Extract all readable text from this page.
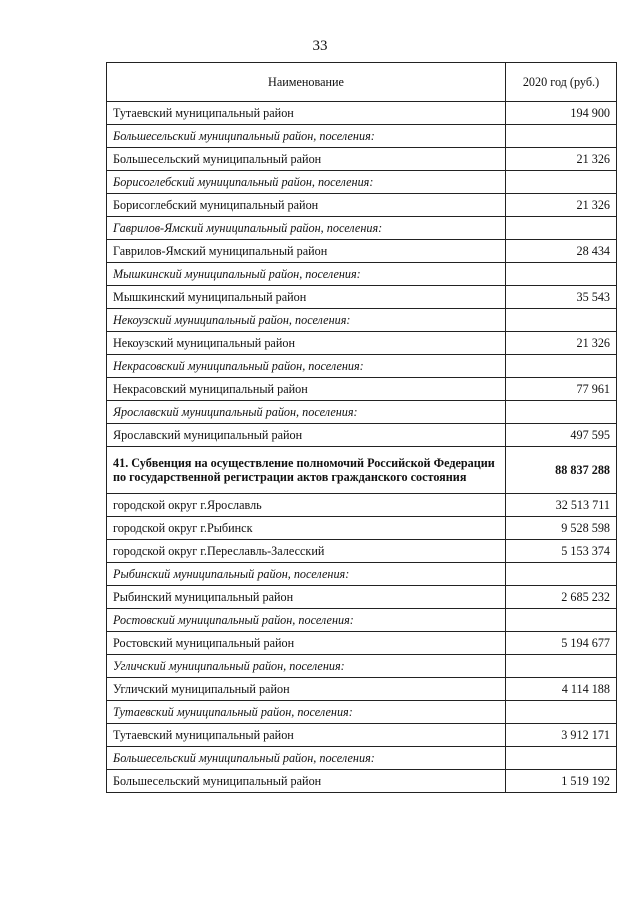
33
Наименование	2020 год (руб.)
Тутаевский муниципальный район	194 900
Большесельский муниципальный район, поселения:	
Большесельский муниципальный район	21 326
Борисоглебский муниципальный район, поселения:	
Борисоглебский муниципальный район	21 326
Гаврилов-Ямский муниципальный район, поселения:	
Гаврилов-Ямский муниципальный район	28 434
Мышкинский муниципальный район, поселения:	
Мышкинский муниципальный район	35 543
Некоузский муниципальный район, поселения:	
Некоузский муниципальный район	21 326
Некрасовский муниципальный район, поселения:	
Некрасовский муниципальный район	77 961
Ярославский муниципальный район, поселения:	
Ярославский муниципальный район	497 595
41. Субвенция на осуществление полномочий Российской Федерации по государственной регистрации актов гражданского состояния	88 837 288
городской округ г.Ярославль	32 513 711
городской округ г.Рыбинск	9 528 598
городской округ г.Переславль-Залесский	5 153 374
Рыбинский муниципальный район, поселения:	
Рыбинский муниципальный район	2 685 232
Ростовский муниципальный район, поселения:	
Ростовский муниципальный район	5 194 677
Угличский муниципальный район, поселения:	
Угличский муниципальный район	4 114 188
Тутаевский муниципальный район, поселения:	
Тутаевский муниципальный район	3 912 171
Большесельский муниципальный район, поселения:	
Большесельский муниципальный район	1 519 192
